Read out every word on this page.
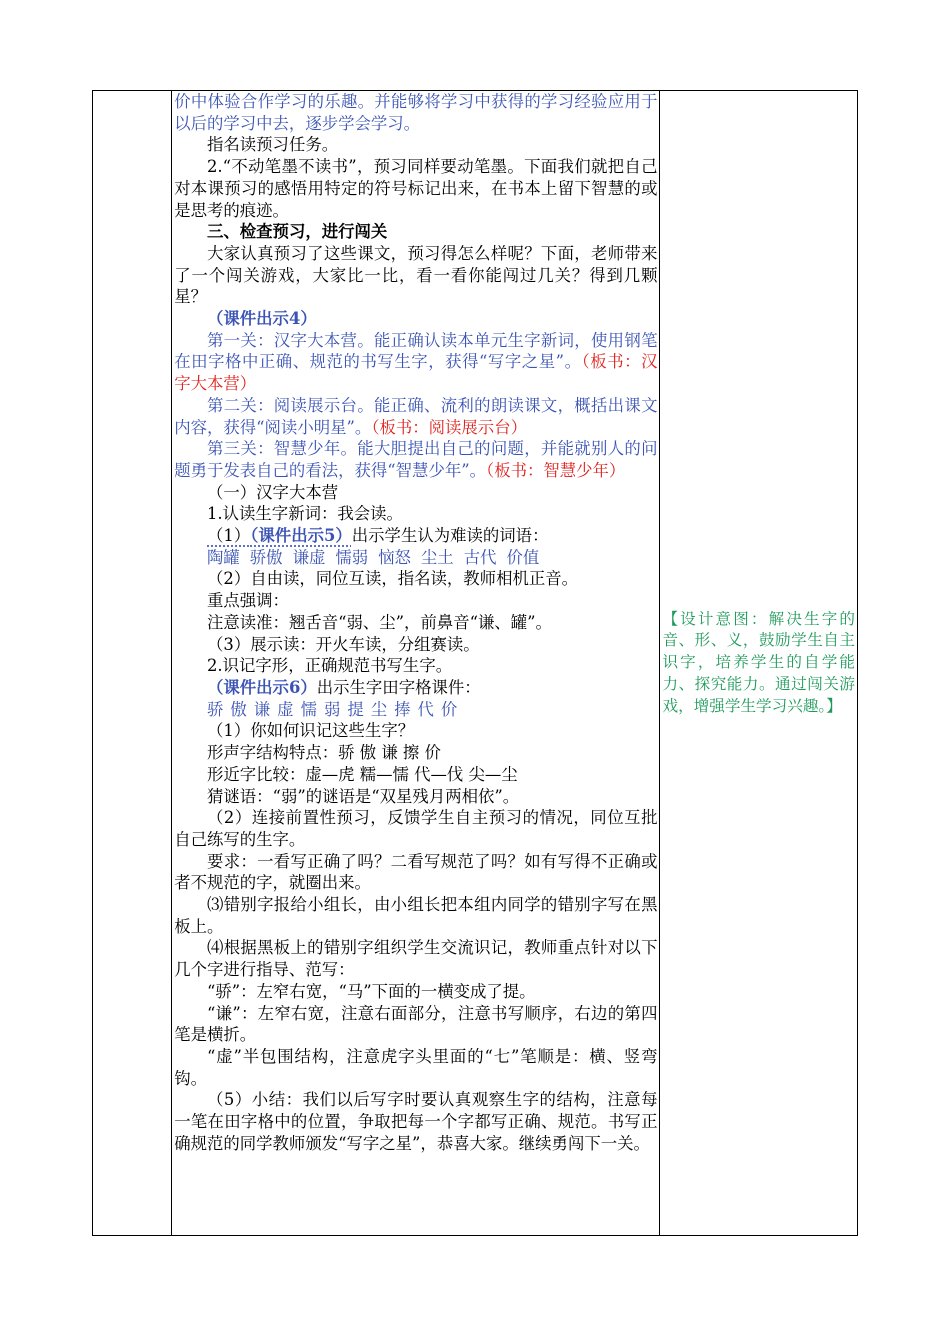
价中体验合作学习的乐趣。并能够将学习中获得的学习经验应用于以后的学习中去，逐步学会学习。

指名读预习任务。

2.“不动笔墨不读书”，预习同样要动笔墨。下面我们就把自己对本课预习的感悟用特定的符号标记出来，在书本上留下智慧的或是思考的痕迹。

三、检查预习，进行闯关

大家认真预习了这些课文，预习得怎么样呢？下面，老师带来了一个闯关游戏，大家比一比，看一看你能闯过几关？得到几颗星？

（课件出示4）

第一关：汉字大本营。能正确认读本单元生字新词，使用钢笔在田字格中正确、规范的书写生字，获得“写字之星”。（板书：汉字大本营）

第二关：阅读展示台。能正确、流利的朗读课文，概括出课文内容，获得“阅读小明星”。（板书：阅读展示台）

第三关：智慧少年。能大胆提出自己的问题，并能就别人的问题勇于发表自己的看法，获得“智慧少年”。（板书：智慧少年）

（一）汉字大本营

1.认读生字新词：我会读。

（1）（课件出示5）出示学生认为难读的词语：

陶罐 骄傲 谦虚 懦弱 恼怒 尘土 古代 价值

（2）自由读，同位互读，指名读，教师相机正音。

重点强调：

注意读准：翘舌音“弱、尘”，前鼻音“谦、罐”。

（3）展示读：开火车读，分组赛读。

2.识记字形，正确规范书写生字。

（课件出示6）出示生字田字格课件：

骄 傲 谦 虚 懦 弱 提 尘 捧 代 价

（1）你如何识记这些生字？

形声字结构特点：骄 傲 谦 擦 价

形近字比较：虚—虎 糯—懦 代—伐 尖—尘

猜谜语：“弱”的谜语是“双星残月两相依”。

（2）连接前置性预习，反馈学生自主预习的情况，同位互批自己练写的生字。

要求：一看写正确了吗？二看写规范了吗？如有写得不正确或者不规范的字，就圈出来。

⑶错别字报给小组长，由小组长把本组内同学的错别字写在黑板上。

⑷根据黑板上的错别字组织学生交流识记，教师重点针对以下几个字进行指导、范写：

“骄”：左窄右宽，“马”下面的一横变成了提。

“谦”：左窄右宽，注意右面部分，注意书写顺序，右边的第四笔是横折。

“虚”半包围结构，注意虎字头里面的“七”笔顺是：横、竖弯钩。

（5）小结：我们以后写字时要认真观察生字的结构，注意每一笔在田字格中的位置，争取把每一个字都写正确、规范。书写正确规范的同学教师颁发“写字之星”，恭喜大家。继续勇闯下一关。

【设计意图：解决生字的音、形、义，鼓励学生自主识字，培养学生的自学能力、探究能力。通过闯关游戏，增强学生学习兴趣。】
